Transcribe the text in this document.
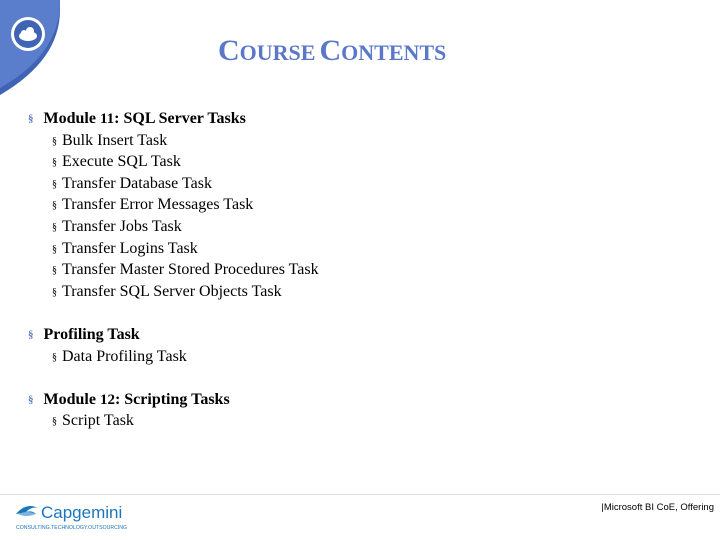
COURSE CONTENTS
§ Module 11: SQL Server Tasks
§ Bulk Insert Task
§ Execute SQL Task
§ Transfer Database Task
§ Transfer Error Messages Task
§ Transfer Jobs Task
§ Transfer Logins Task
§ Transfer Master Stored Procedures Task
§ Transfer SQL Server Objects Task
§ Profiling Task
§ Data Profiling Task
§ Module 12: Scripting Tasks
§ Script Task
Capgemini
CONSULTING.TECHNOLOGY.OUTSOURCING
|Microsoft BI CoE, Offering
